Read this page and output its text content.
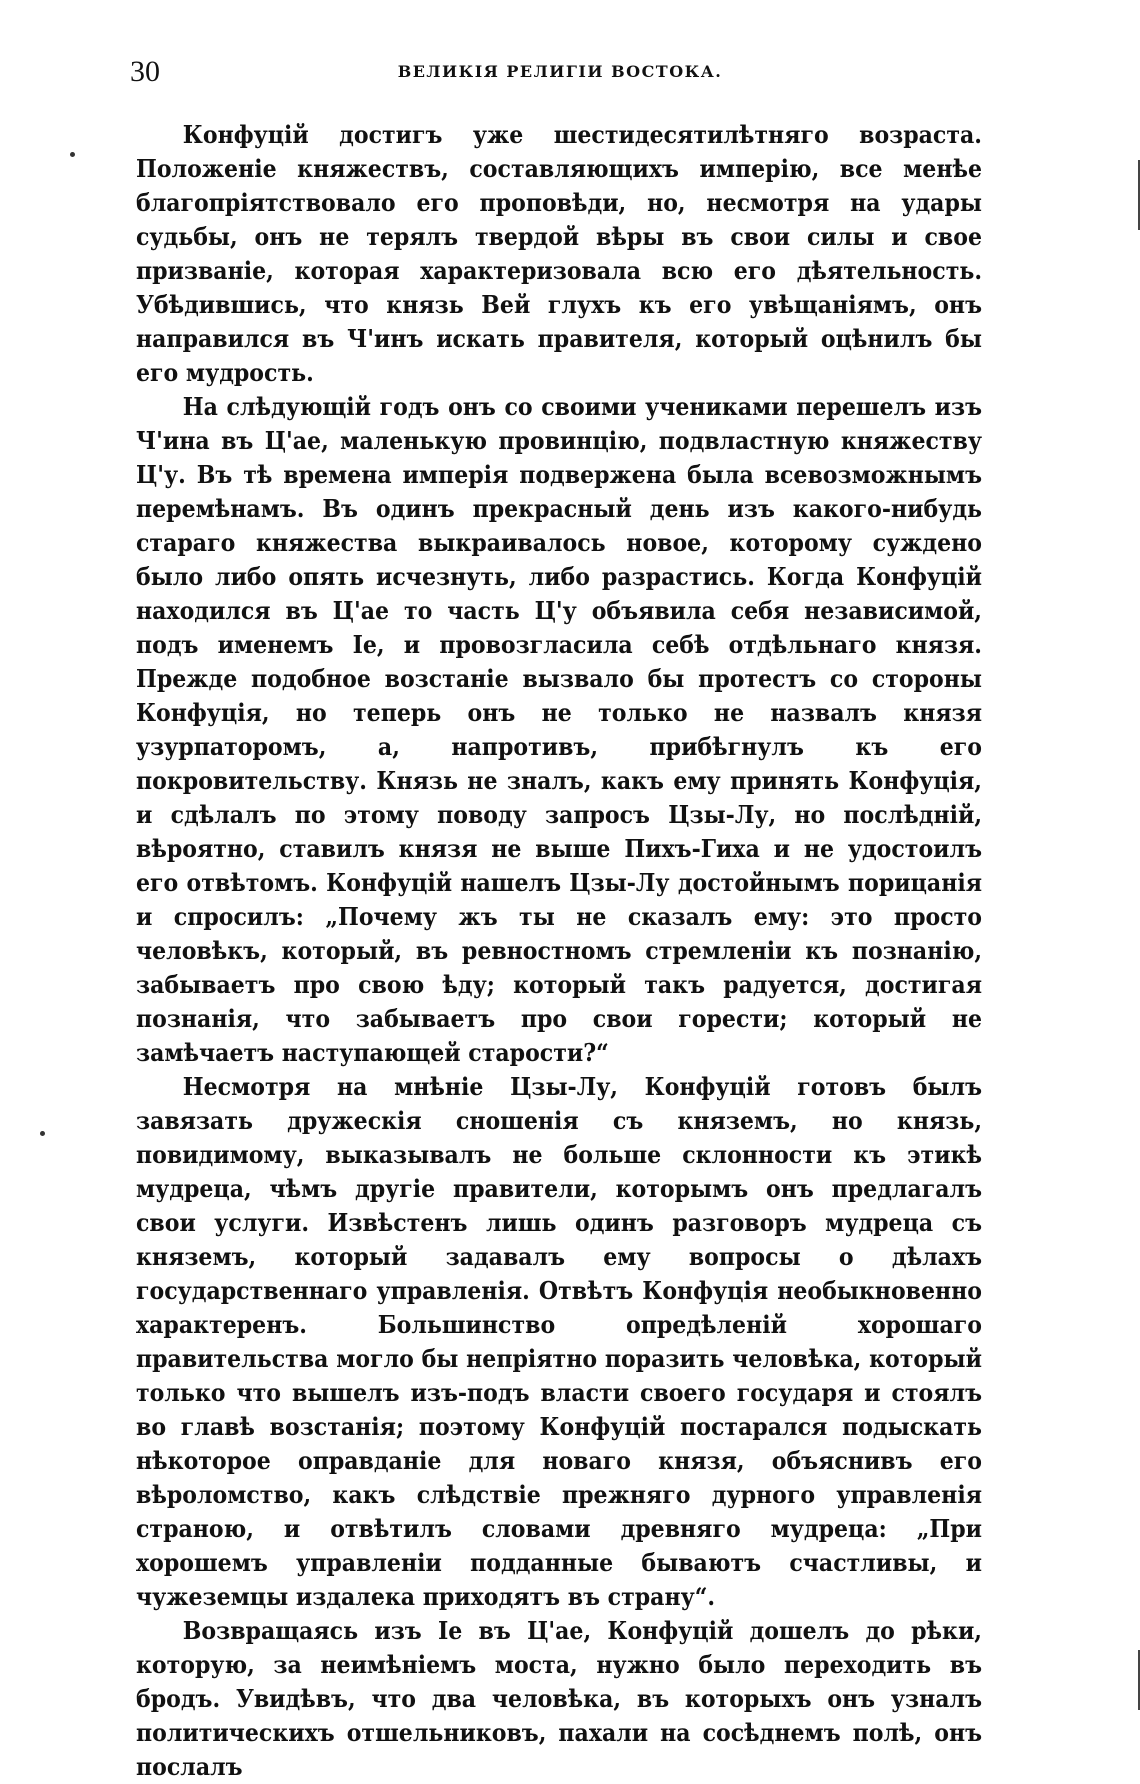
30	ВЕЛИКІЯ РЕЛИГІИ ВОСТОКА.

Конфуцій достигъ уже шестидесятилѣтняго возраста. Положеніе княжествъ, составляющихъ имперію, все менѣе благопріятствовало его проповѣди, но, несмотря на удары судьбы, онъ не терялъ твердой вѣры въ свои силы и свое призваніе, которая характеризовала всю его дѣятельность. Убѣдившись, что князь Вей глухъ къ его увѣщаніямъ, онъ направился въ Ч'инъ искать правителя, который оцѣнилъ бы его мудрость.

На слѣдующій годъ онъ со своими учениками перешелъ изъ Ч'ина въ Ц'ае, маленькую провинцію, подвластную княжеству Ц'у. Въ тѣ времена имперія подвержена была всевозможнымъ перемѣнамъ. Въ одинъ прекрасный день изъ какого-нибудь стараго княжества выкраивалось новое, которому суждено было либо опять исчезнуть, либо разрастись. Когда Конфуцій находился въ Ц'ае то часть Ц'у объявила себя независимой, подъ именемъ Іе, и провозгласила себѣ отдѣльнаго князя. Прежде подобное возстаніе вызвало бы протестъ со стороны Конфуція, но теперь онъ не только не назвалъ князя узурпаторомъ, а, напротивъ, прибѣгнулъ къ его покровительству. Князь не зналъ, какъ ему принять Конфуція, и сдѣлалъ по этому поводу запросъ Цзы-Лу, но послѣдній, вѣроятно, ставилъ князя не выше Пихъ-Гиха и не удостоилъ его отвѣтомъ. Конфуцій нашелъ Цзы-Лу достойнымъ порицанія и спросилъ: „Почему жъ ты не сказалъ ему: это просто человѣкъ, который, въ ревностномъ стремленіи къ познанію, забываетъ про свою ѣду; который такъ радуется, достигая познанія, что забываетъ про свои горести; который не замѣчаетъ наступающей старости?“

Несмотря на мнѣніе Цзы-Лу, Конфуцій готовъ былъ завязать дружескія сношенія съ княземъ, но князь, повидимому, выказывалъ не больше склонности къ этикѣ мудреца, чѣмъ другіе правители, которымъ онъ предлагалъ свои услуги. Извѣстенъ лишь одинъ разговоръ мудреца съ княземъ, который задавалъ ему вопросы о дѣлахъ государственнаго управленія. Отвѣтъ Конфуція необыкновенно характеренъ. Большинство опредѣленій хорошаго правительства могло бы непріятно поразить человѣка, который только что вышелъ изъ-подъ власти своего государя и стоялъ во главѣ возстанія; поэтому Конфуцій постарался подыскать нѣкоторое оправданіе для новаго князя, объяснивъ его вѣроломство, какъ слѣдствіе прежняго дурного управленія страною, и отвѣтилъ словами древняго мудреца: „При хорошемъ управленіи подданные бываютъ счастливы, и чужеземцы издалека приходятъ въ страну“.

Возвращаясь изъ Іе въ Ц'ае, Конфуцій дошелъ до рѣки, которую, за неимѣніемъ моста, нужно было переходить въ бродъ. Увидѣвъ, что два человѣка, въ которыхъ онъ узналъ политическихъ отшельниковъ, пахали на сосѣднемъ полѣ, онъ послалъ
